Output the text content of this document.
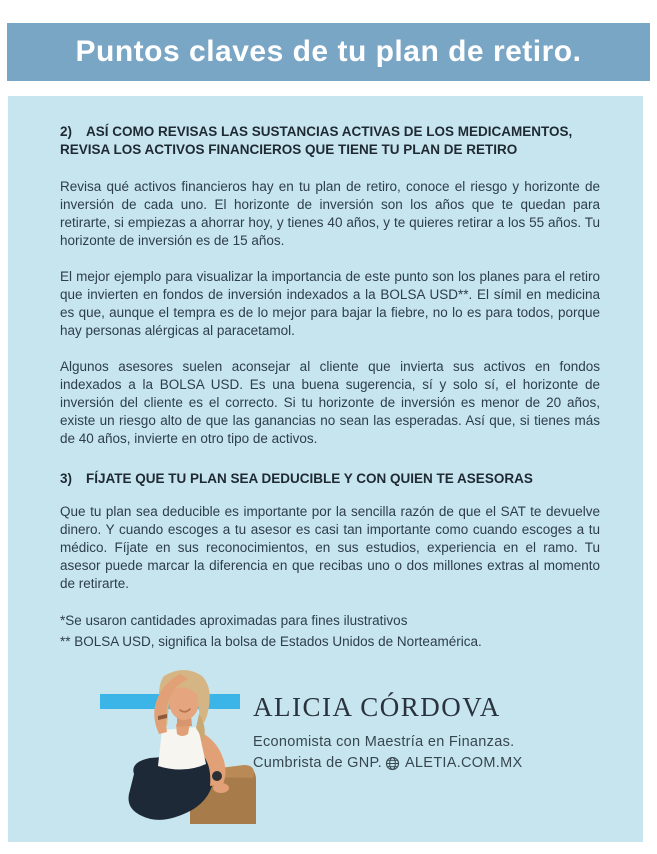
Puntos claves de tu plan de retiro.

2) ASÍ COMO REVISAS LAS SUSTANCIAS ACTIVAS DE LOS MEDICAMENTOS, REVISA LOS ACTIVOS FINANCIEROS QUE TIENE TU PLAN DE RETIRO

Revisa qué activos financieros hay en tu plan de retiro, conoce el riesgo y horizonte de inversión de cada uno. El horizonte de inversión son los años que te quedan para retirarte, si empiezas a ahorrar hoy, y tienes 40 años, y te quieres retirar a los 55 años. Tu horizonte de inversión es de 15 años.

El mejor ejemplo para visualizar la importancia de este punto son los planes para el retiro que invierten en fondos de inversión indexados a la BOLSA USD**. El símil en medicina es que, aunque el tempra es de lo mejor para bajar la fiebre, no lo es para todos, porque hay personas alérgicas al paracetamol.

Algunos asesores suelen aconsejar al cliente que invierta sus activos en fondos indexados a la BOLSA USD. Es una buena sugerencia, sí y solo sí, el horizonte de inversión del cliente es el correcto. Si tu horizonte de inversión es menor de 20 años, existe un riesgo alto de que las ganancias no sean las esperadas. Así que, si tienes más de 40 años, invierte en otro tipo de activos.

3) FÍJATE QUE TU PLAN SEA DEDUCIBLE Y CON QUIEN TE ASESORAS

Que tu plan sea deducible es importante por la sencilla razón de que el SAT te devuelve dinero. Y cuando escoges a tu asesor es casi tan importante como cuando escoges a tu médico. Fíjate en sus reconocimientos, en sus estudios, experiencia en el ramo. Tu asesor puede marcar la diferencia en que recibas uno o dos millones extras al momento de retirarte.

*Se usaron cantidades aproximadas para fines ilustrativos

** BOLSA USD, significa la bolsa de Estados Unidos de Norteamérica.

ALICIA CÓRDOVA
Economista con Maestría en Finanzas.
Cumbrista de GNP. ALETIA.COM.MX
